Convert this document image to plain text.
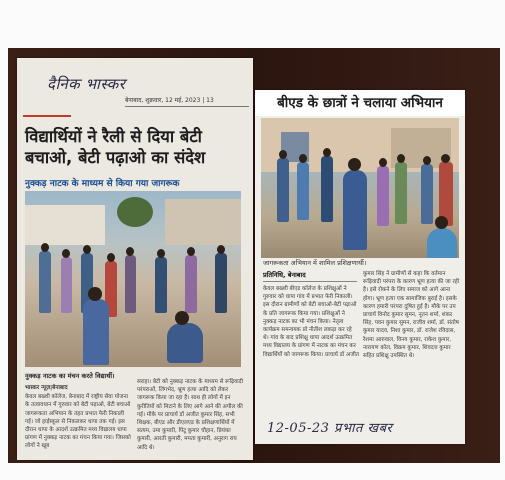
दैनिक भास्कर
बेनाबाद, शुक्रवार, 12 मई, 2023 | 13
विद्यार्थियों ने रैली से दिया बेटी बचाओ, बेटी पढ़ाओ का संदेश
नुक्कड़ नाटक के माध्यम से किया गया जागरूक
नुक्कड़ नाटक का मंचन करते विद्यार्थी।
भास्कर न्यूज़|बेनाबाद
केवल बख्शी कॉलेज, बेनाबाद में राष्ट्रीय सेवा योजना के तत्वावधान में गुरुवार को बेटी पढ़ाओ, बेटी बचाओ जागरूकता अभियान के तहत प्रभात फेरी निकाली गई। जो हाईस्कूल से निकलकर धापा तक गई। इस दौरान धापा के आदर्श उत्क्रमित मध्य विद्यालय धापा प्रांगण में नुक्कड़ नाटक का मंचन किया गया। जिसको लोगों ने खूब
सराहा। बेटी को नुक्कड़ नाटक के माध्यम से रूढ़िवादी परंपराओं, लिंगभेद, भ्रूण हत्या आदि को लेकर जागरूक किया जा रहा है। साथ ही लोगों में इन कुरीतियों को मिटाने के लिए आगे आने की अपील की गई। मौके पर प्राचार्य डॉ अजीत कुमार सिंह, सभी शिक्षक, बीएड और डीएलएड के प्रशिक्षणार्थियों में सत्यम, उमा कुमारी, पिंटू कुमार चौहान, प्रियंका कुमारी, आरती कुमारी, ममता कुमारी, अनुराग राय आदि थे।
बीएड के छात्रों ने चलाया अभियान
जागरूकता अभियान में शामिल प्रशिक्षणार्थी।
प्रतिनिधि, बेनाबाद
केवल बख्शी बीएड कॉलेज के प्रशिक्षुओं ने गुरुवार को धापा गांव में प्रभात फेरी निकाली। इस दौरान ग्रामीणों को बेटी बचाओ-बेटी पढ़ाओ के प्रति जागरूक किया गया। प्रशिक्षुओं ने नुक्कड़ नाटक का भी मंचन किया। नेतृत्व कार्यक्रम समन्वयक प्रो नीतीश लकड़ा कर रहे थे। गांव के बाद प्रशिक्षु धापा आदर्श उत्क्रमित मध्य विद्यालय के प्रांगण में नाटक का मंचन कर विद्यार्थियों को जागरूक किया। प्राचार्य डॉ अजीत
कुमार सिंह ने ग्रामीणों से कहा कि वर्तमान रूढ़िवादी परंपरा के कारण भ्रूण हत्या की जा रही है। इसे रोकने के लिए समाज को आगे आना होगा। भ्रूण हत्या एक सामाजिक बुराई है। इसके कारण हमारी परंपरा दूषित हुई है। मौके पर उप प्राचार्य विनोद कुमार सुमन, नूतन शर्मा, शंकर सिंह, पवन कुमार सुमन, राजीव शर्मा, डॉ. संतोष कुमार यादव, निशा कुमार, डॉ. राजेश रविदास, रेशमा आरुवाल, विनय कुमार, राकेश कुमार, नारायण कोल, विक्रम कुमार, शिवदत्त कुमार सहित प्रशिक्षु उपस्थित थे।
12-05-23 प्रभात खबर
